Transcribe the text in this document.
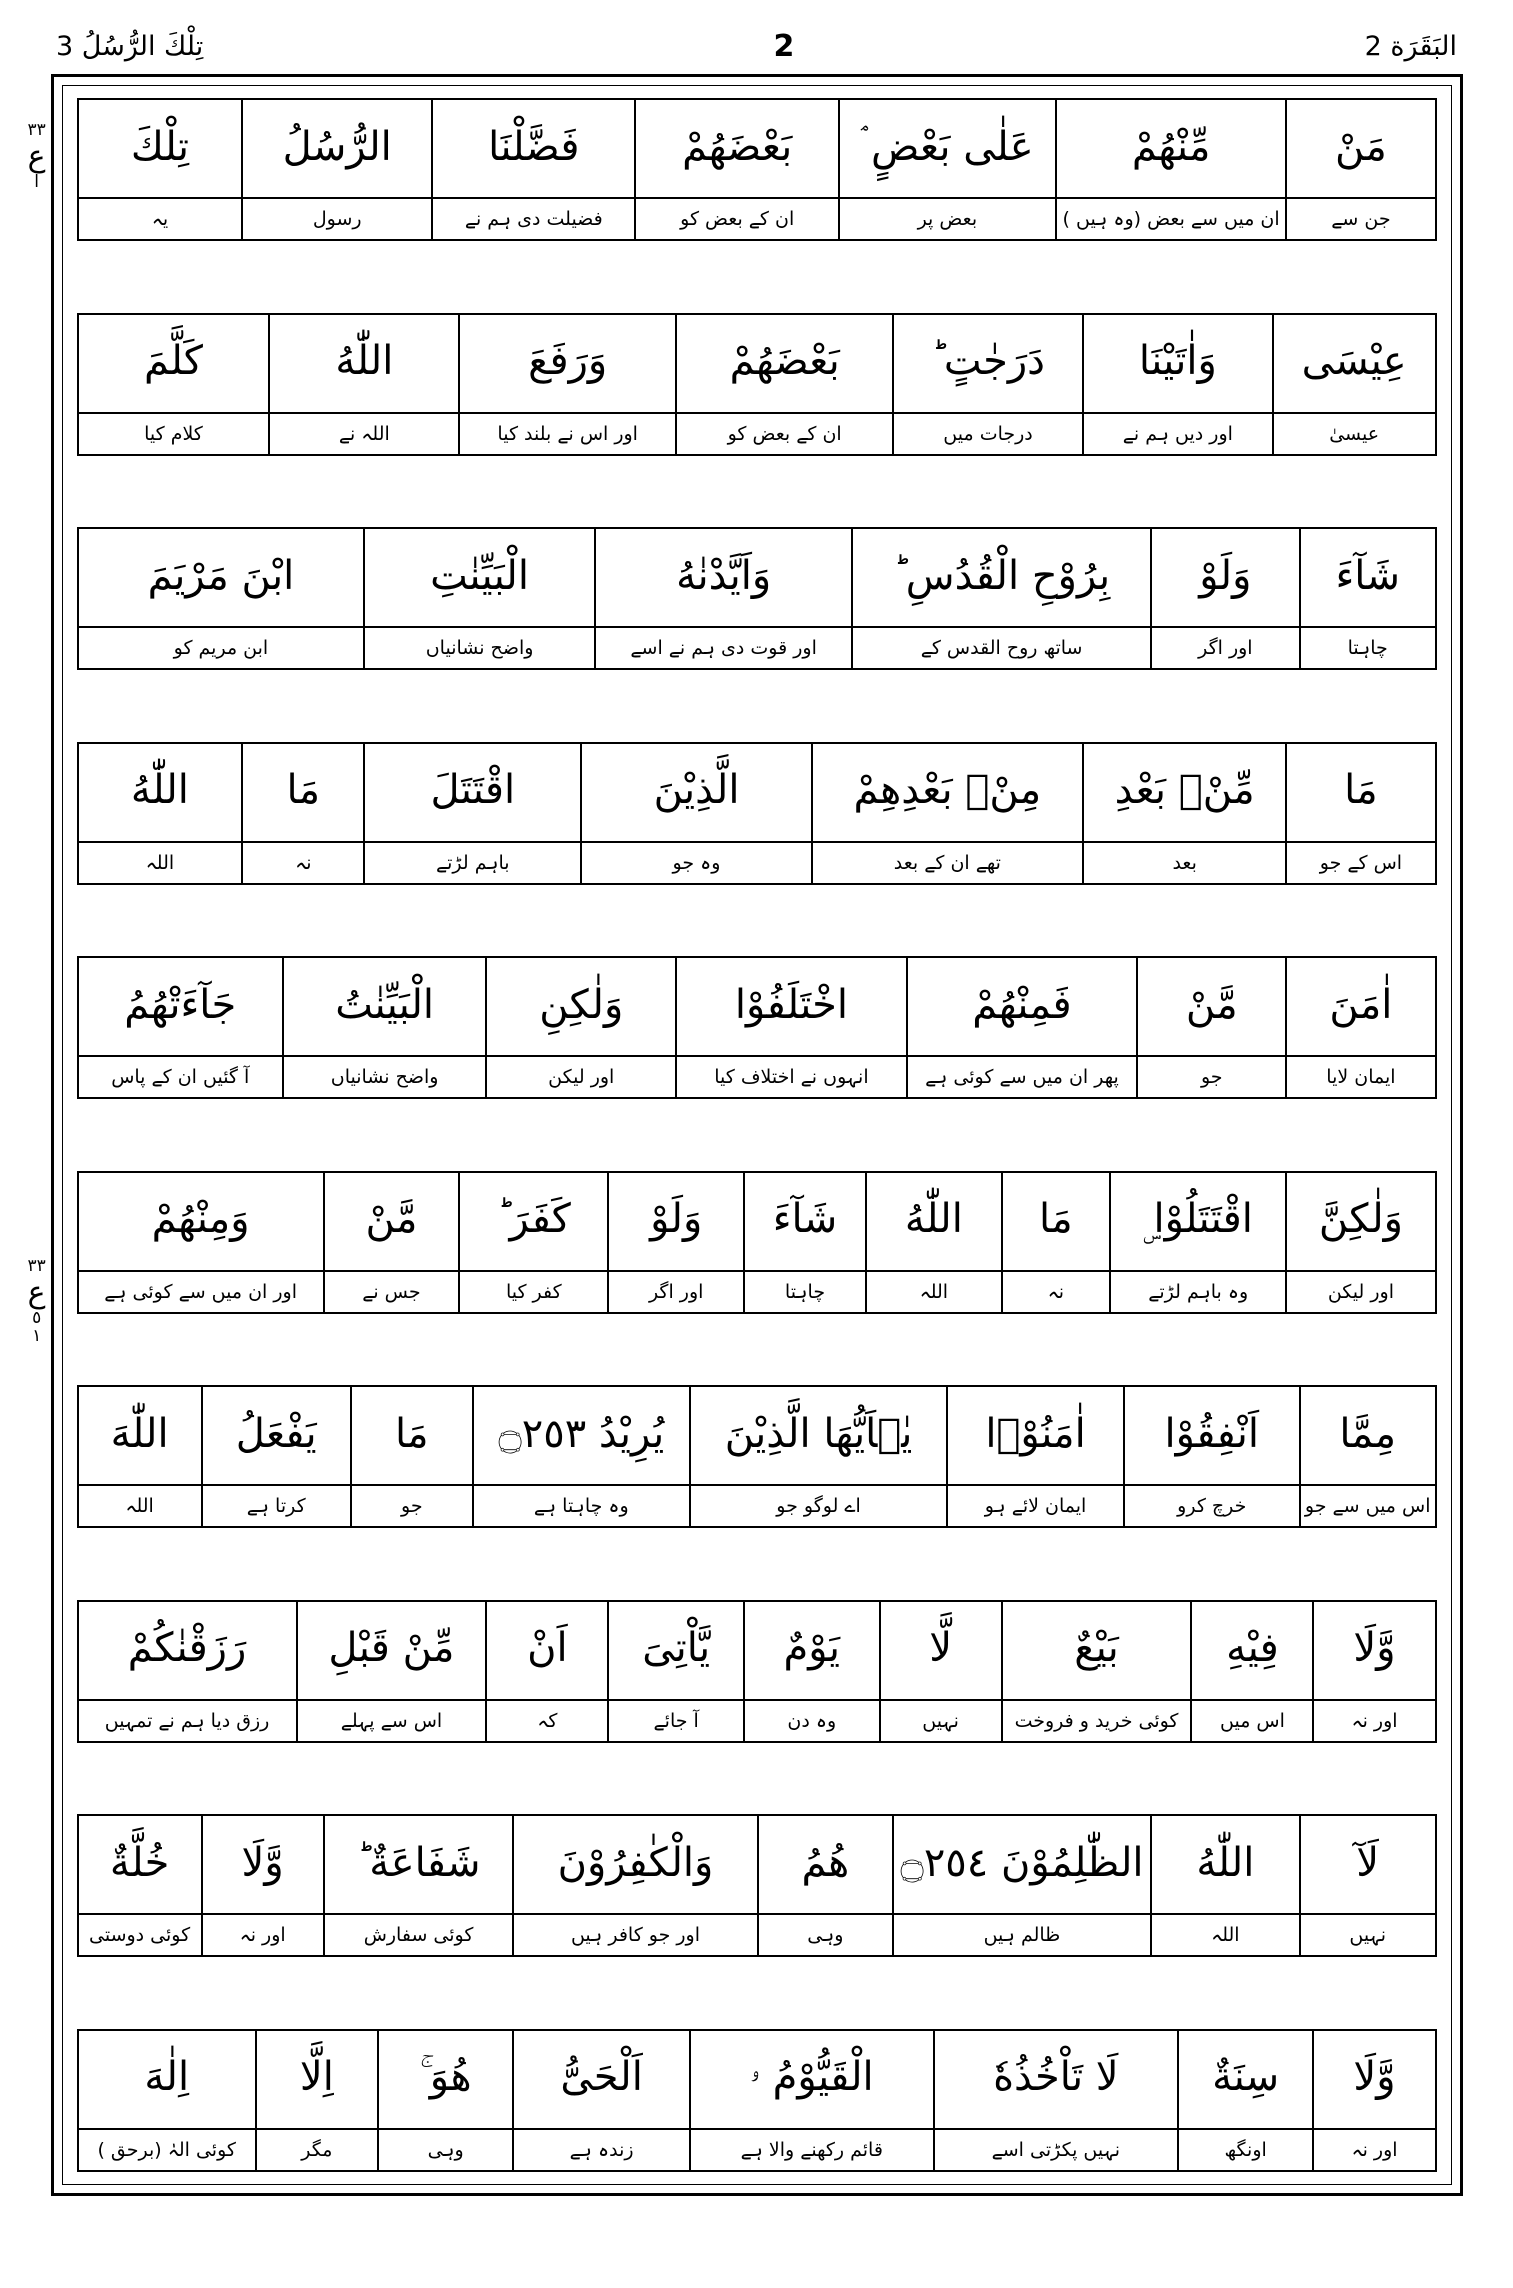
البَقَرَة 2
2
تِلْكَ الرُّسُلُ 3
٣٣
ع
ا
٣٣
ع
٥
١
مَنْ
جن سے
مِّنْهُمْ
ان میں سے بعض (وہ ہیں )
عَلٰى بَعْضٍ ۘ
بعض پر
بَعْضَهُمْ
ان کے بعض کو
فَضَّلْنَا
فضیلت دی ہم نے
الرُّسُلُ
رسول
تِلْكَ
یہ
عِيْسَى
عیسیٰ
وَاٰتَيْنَا
اور دیں ہم نے
دَرَجٰتٍ ؕ
درجات میں
بَعْضَهُمْ
ان کے بعض کو
وَرَفَعَ
اور اس نے بلند کیا
اللّٰهُ
اللہ نے
كَلَّمَ
کلام کیا
شَآءَ
چاہتا
وَلَوْ
اور اگر
بِرُوْحِ الْقُدُسِ ؕ
ساتھ روح القدس کے
وَاَيَّدْنٰهُ
اور قوت دی ہم نے اسے
الْبَيِّنٰتِ
واضح نشانیاں
ابْنَ مَرْيَمَ
ابن مریم کو
مَا
اس کے جو
مِّنْۢ بَعْدِ
بعد
مِنْۢ بَعْدِهِمْ
تھے ان کے بعد
الَّذِيْنَ
وہ جو
اقْتَتَلَ
باہم لڑتے
مَا
نہ
اللّٰهُ
اللہ
اٰمَنَ
ایمان لایا
مَّنْ
جو
فَمِنْهُمْ
پھر ان میں سے کوئی ہے
اخْتَلَفُوْا
انہوں نے اختلاف کیا
وَلٰكِنِ
اور لیکن
الْبَيِّنٰتُ
واضح نشانیاں
جَآءَتْهُمُ
آ گئیں ان کے پاس
وَلٰكِنَّ
اور لیکن
اقْتَتَلُوْا ۣ
وہ باہم لڑتے
مَا
نہ
اللّٰهُ
اللہ
شَآءَ
چاہتا
وَلَوْ
اور اگر
كَفَرَ ؕ
کفر کیا
مَّنْ
جس نے
وَمِنْهُمْ
اور ان میں سے کوئی ہے
مِمَّا
اس میں سے جو
اَنْفِقُوْا
خرچ کرو
اٰمَنُوْۤا
ایمان لائے ہو
يٰۤاَيُّهَا الَّذِيْنَ
اے لوگو جو
يُرِيْدُ ۝٢٥٣
وہ چاہتا ہے
مَا
جو
يَفْعَلُ
کرتا ہے
اللّٰهَ
اللہ
وَّلَا
اور نہ
فِيْهِ
اس میں
بَيْعٌ
کوئی خرید و فروخت
لَّا
نہیں
يَوْمٌ
وہ دن
يَّاْتِىَ
آ جائے
اَنْ
کہ
مِّنْ قَبْلِ
اس سے پہلے
رَزَقْنٰكُمْ
رزق دیا ہم نے تمہیں
لَآ
نہیں
اللّٰهُ
اللہ
الظّٰلِمُوْنَ ۝٢٥٤
ظالم ہیں
هُمُ
وہی
وَالْكٰفِرُوْنَ
اور جو کافر ہیں
شَفَاعَةٌ ؕ
کوئی سفارش
وَّلَا
اور نہ
خُلَّةٌ
کوئی دوستی
وَّلَا
اور نہ
سِنَةٌ
اونگھ
لَا تَاْخُذُهٗ
نہیں پکڑتی اسے
الْقَيُّوْمُ ۥ
قائم رکھنے والا ہے
اَلْحَىُّ
زندہ ہے
هُوَ ۚ
وہی
اِلَّا
مگر
اِلٰهَ
کوئی الہٰ (برحق )
